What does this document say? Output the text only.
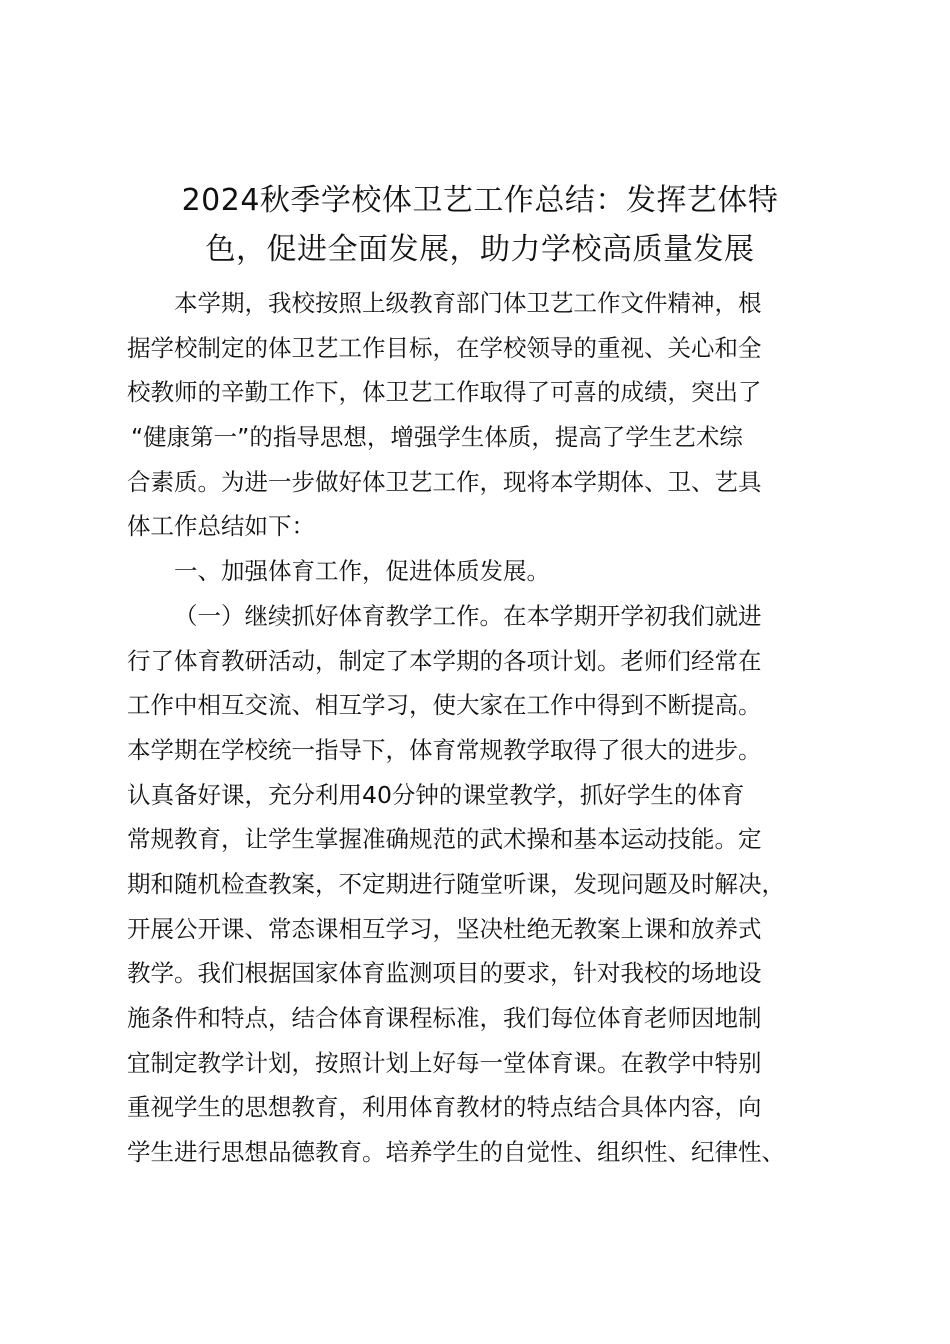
2024秋季学校体卫艺工作总结：发挥艺体特
色，促进全面发展，助力学校高质量发展
本学期，我校按照上级教育部门体卫艺工作文件精神，根
据学校制定的体卫艺工作目标，在学校领导的重视、关心和全
校教师的辛勤工作下，体卫艺工作取得了可喜的成绩，突出了
“健康第一”的指导思想，增强学生体质，提高了学生艺术综
合素质。为进一步做好体卫艺工作，现将本学期体、卫、艺具
体工作总结如下：
一、加强体育工作，促进体质发展。
（一）继续抓好体育教学工作。在本学期开学初我们就进
行了体育教研活动，制定了本学期的各项计划。老师们经常在
工作中相互交流、相互学习，使大家在工作中得到不断提高。
本学期在学校统一指导下，体育常规教学取得了很大的进步。
认真备好课，充分利用40分钟的课堂教学，抓好学生的体育
常规教育，让学生掌握准确规范的武术操和基本运动技能。定
期和随机检查教案，不定期进行随堂听课，发现问题及时解决，
开展公开课、常态课相互学习，坚决杜绝无教案上课和放养式
教学。我们根据国家体育监测项目的要求，针对我校的场地设
施条件和特点，结合体育课程标准，我们每位体育老师因地制
宜制定教学计划，按照计划上好每一堂体育课。在教学中特别
重视学生的思想教育，利用体育教材的特点结合具体内容，向
学生进行思想品德教育。培养学生的自觉性、组织性、纪律性、
